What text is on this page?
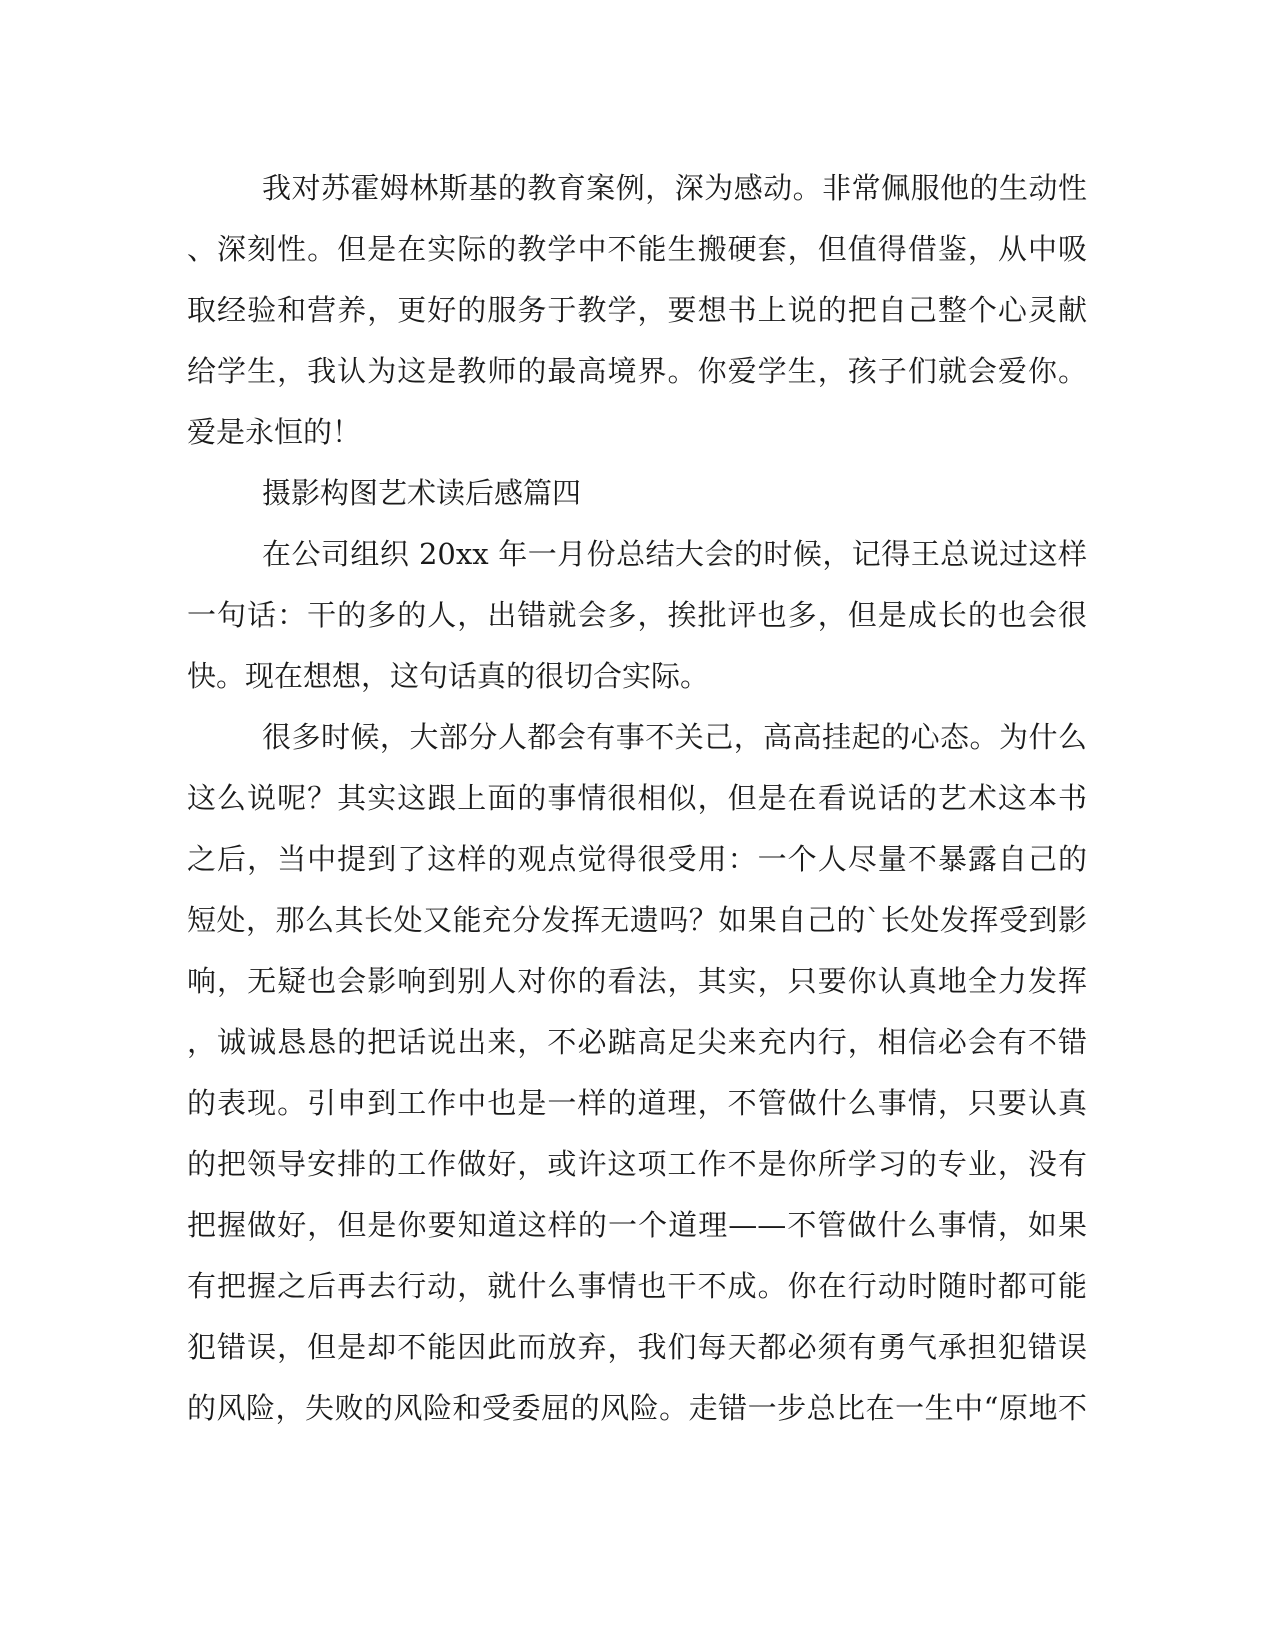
我对苏霍姆林斯基的教育案例，深为感动。非常佩服他的生动性
、深刻性。但是在实际的教学中不能生搬硬套，但值得借鉴，从中吸
取经验和营养，更好的服务于教学，要想书上说的把自己整个心灵献
给学生，我认为这是教师的最高境界。你爱学生，孩子们就会爱你。
爱是永恒的！
摄影构图艺术读后感篇四
在公司组织 20xx 年一月份总结大会的时候，记得王总说过这样
一句话：干的多的人，出错就会多，挨批评也多，但是成长的也会很
快。现在想想，这句话真的很切合实际。
很多时候，大部分人都会有事不关己，高高挂起的心态。为什么
这么说呢？其实这跟上面的事情很相似，但是在看说话的艺术这本书
之后，当中提到了这样的观点觉得很受用：一个人尽量不暴露自己的
短处，那么其长处又能充分发挥无遗吗？如果自己的`长处发挥受到影
响，无疑也会影响到别人对你的看法，其实，只要你认真地全力发挥
，诚诚恳恳的把话说出来，不必踮高足尖来充内行，相信必会有不错
的表现。引申到工作中也是一样的道理，不管做什么事情，只要认真
的把领导安排的工作做好，或许这项工作不是你所学习的专业，没有
把握做好，但是你要知道这样的一个道理——不管做什么事情，如果
有把握之后再去行动，就什么事情也干不成。你在行动时随时都可能
犯错误，但是却不能因此而放弃，我们每天都必须有勇气承担犯错误
的风险，失败的风险和受委屈的风险。走错一步总比在一生中“原地不
